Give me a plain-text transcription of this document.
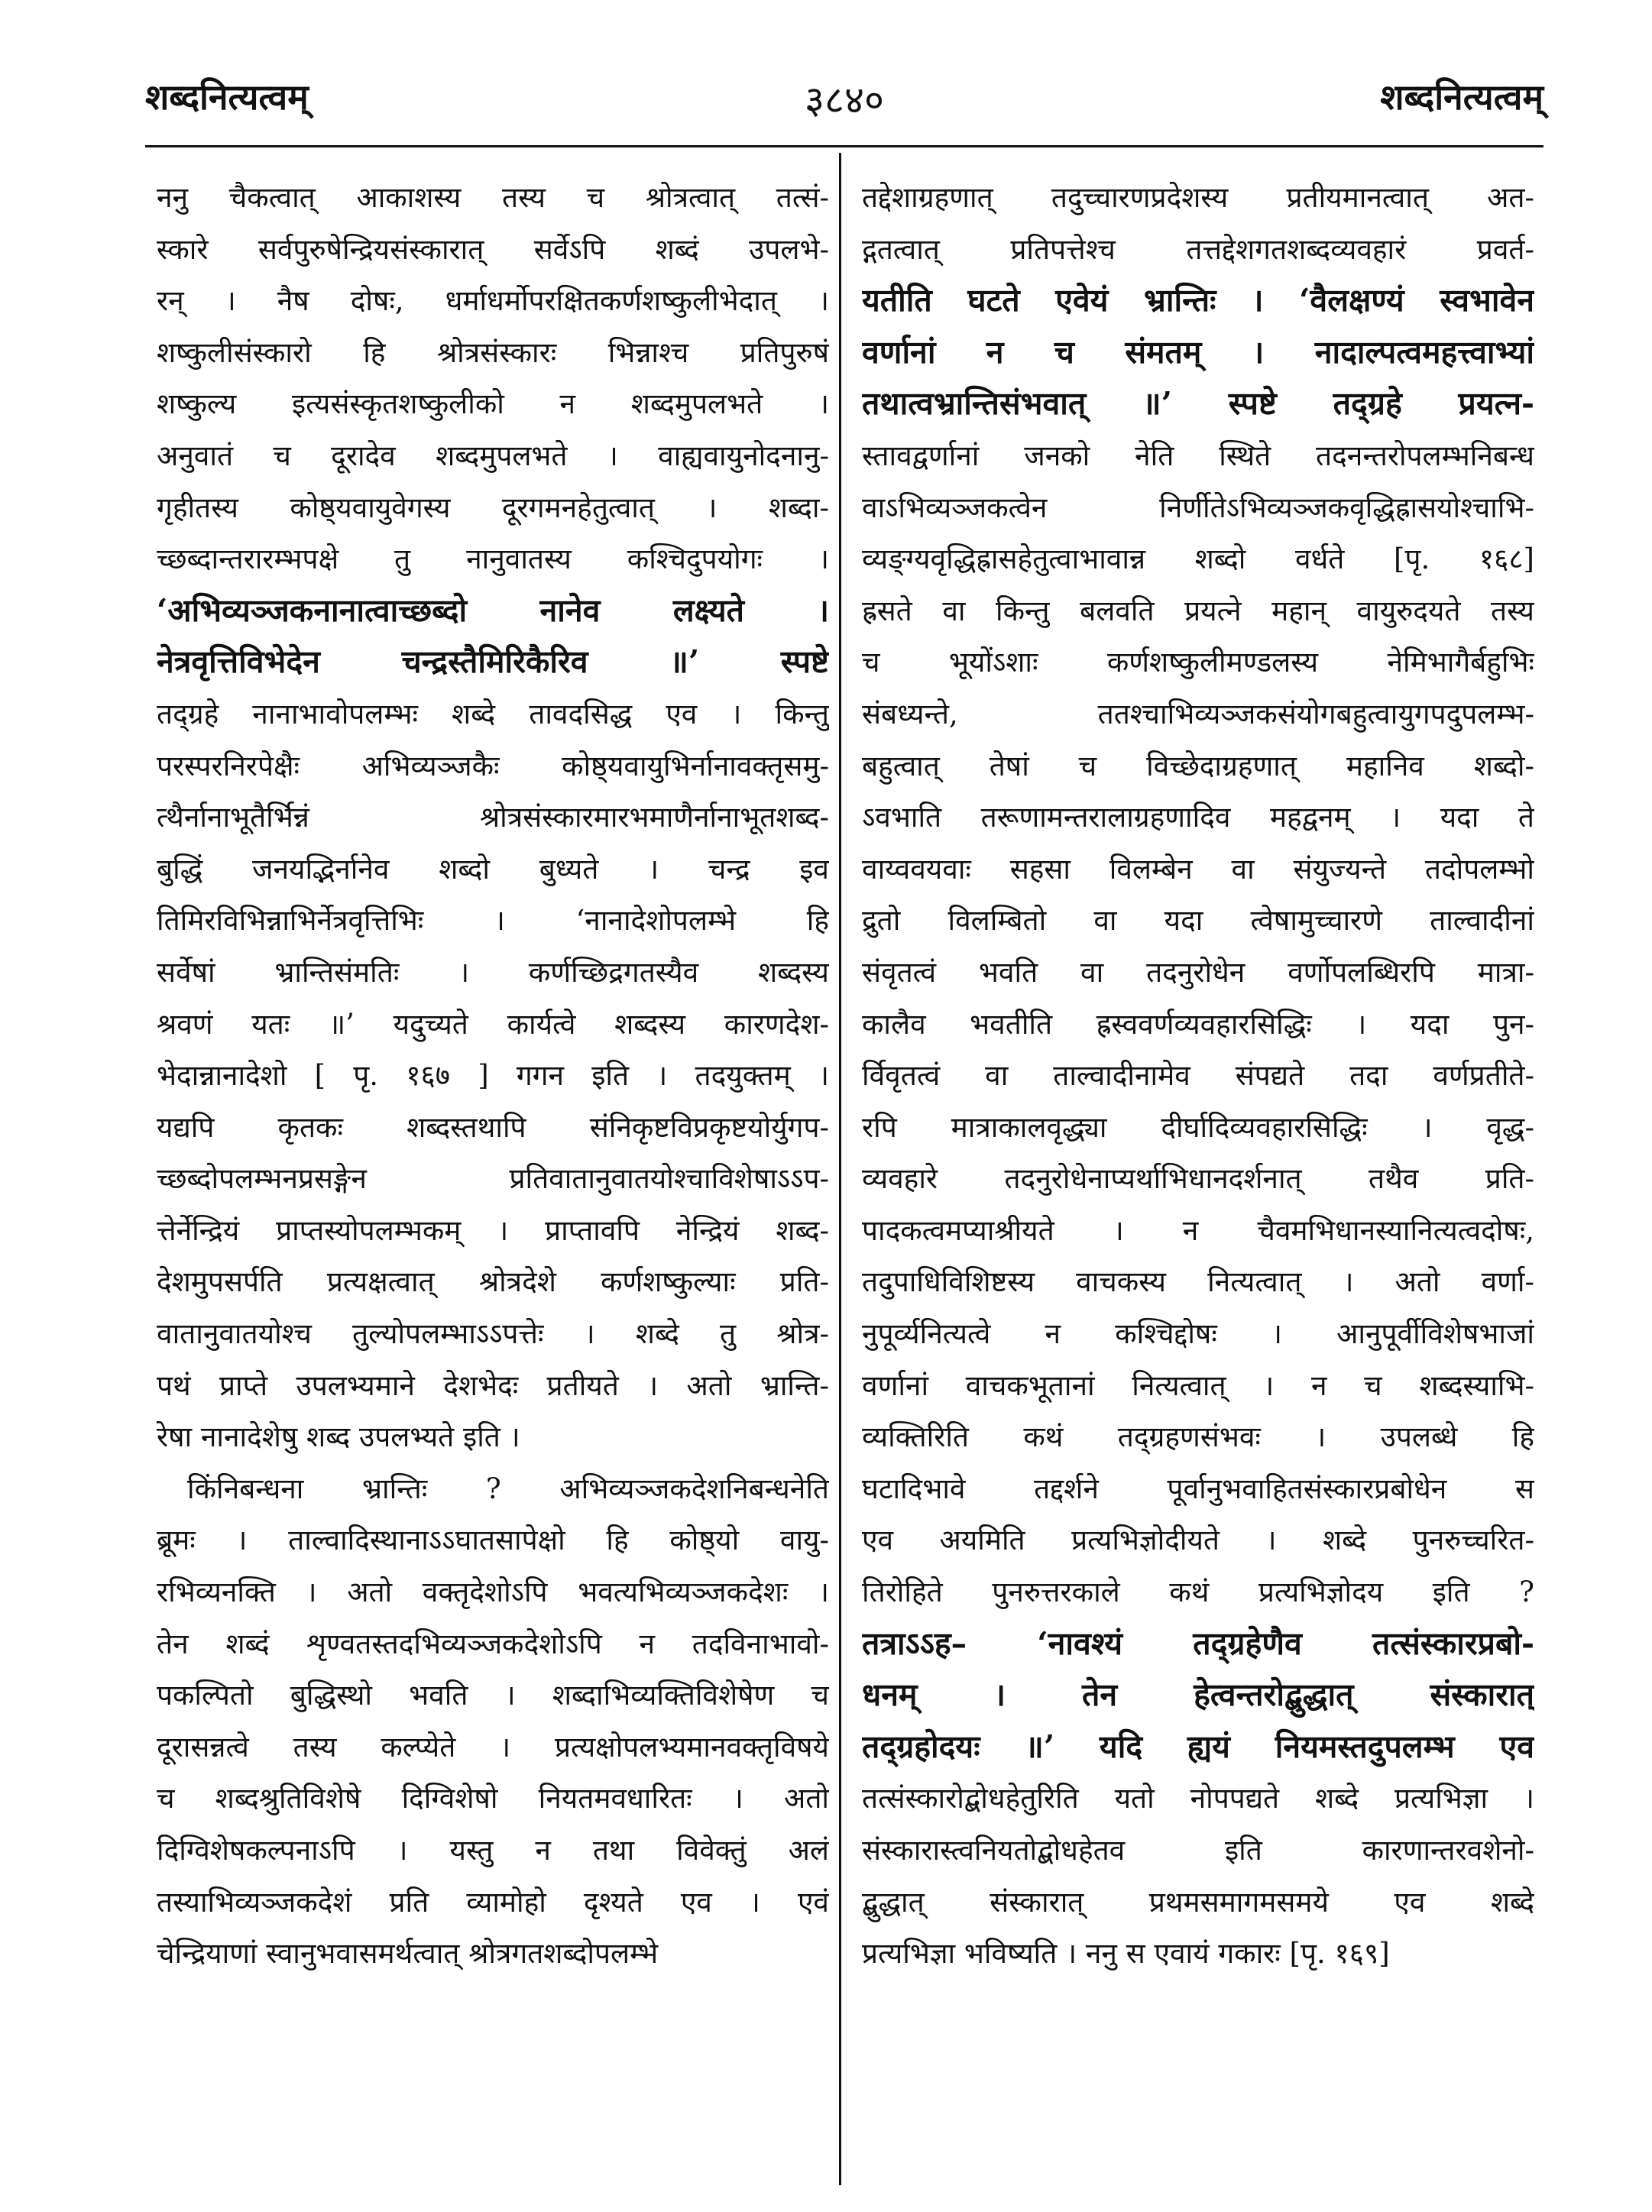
३८४०
शब्दनित्यत्वम्	शब्दनित्यत्वम्
ननु चैकत्वात् आकाशस्य तस्य च श्रोत्रत्वात् तत्सं-
स्कारे सर्वपुरुषेन्द्रियसंस्कारात् सर्वेऽपि शब्दं उपलभे-
रन् । नैष दोषः, धर्माधर्मोपरक्षितकर्णशष्कुलीभेदात् ।
शष्कुलीसंस्कारो हि श्रोत्रसंस्कारः भिन्नाश्च प्रतिपुरुषं
शष्कुल्य इत्यसंस्कृतशष्कुलीको न शब्दमुपलभते ।
अनुवातं च दूरादेव शब्दमुपलभते । वाह्यवायुनोदनानु-
गृहीतस्य कोष्ठ्यवायुवेगस्य दूरगमनहेतुत्वात् । शब्दा-
च्छब्दान्तरारम्भपक्षे तु नानुवातस्य कश्चिदुपयोगः ।
‘अभिव्यञ्जकनानात्वाच्छब्दो नानेव लक्ष्यते ।
नेत्रवृत्तिविभेदेन चन्द्रस्तैमिरिकैरिव ॥’ स्पष्टे
तद्ग्रहे नानाभावोपलम्भः शब्दे तावदसिद्ध एव । किन्तु
परस्परनिरपेक्षैः अभिव्यञ्जकैः कोष्ठ्यवायुभिर्नानावक्तृसमु-
त्थैर्नानाभूतैर्भिन्नं श्रोत्रसंस्कारमारभमाणैर्नानाभूतशब्द-
बुद्धिं जनयद्भिर्नानेव शब्दो बुध्यते । चन्द्र इव
तिमिरविभिन्नाभिर्नेत्रवृत्तिभिः । ‘नानादेशोपलम्भे हि
सर्वेषां भ्रान्तिसंमतिः । कर्णच्छिद्रगतस्यैव शब्दस्य
श्रवणं यतः ॥’ यदुच्यते कार्यत्वे शब्दस्य कारणदेश-
भेदान्नानादेशो [ पृ. १६७ ] गगन इति । तदयुक्तम् ।
यद्यपि कृतकः शब्दस्तथापि संनिकृष्टविप्रकृष्टयोर्युगप-
च्छब्दोपलम्भनप्रसङ्गेन प्रतिवातानुवातयोश्चाविशेषाऽऽप-
त्तेर्नेन्द्रियं प्राप्तस्योपलम्भकम् । प्राप्तावपि नेन्द्रियं शब्द-
देशमुपसर्पति प्रत्यक्षत्वात् श्रोत्रदेशे कर्णशष्कुल्याः प्रति-
वातानुवातयोश्च तुल्योपलम्भाऽऽपत्तेः । शब्दे तु श्रोत्र-
पथं प्राप्ते उपलभ्यमाने देशभेदः प्रतीयते । अतो भ्रान्ति-
रेषा नानादेशेषु शब्द उपलभ्यते इति ।
किंनिबन्धना भ्रान्तिः ? अभिव्यञ्जकदेशनिबन्धनेति
ब्रूमः । ताल्वादिस्थानाऽऽघातसापेक्षो हि कोष्ठ्यो वायु-
रभिव्यनक्ति । अतो वक्तृदेशोऽपि भवत्यभिव्यञ्जकदेशः ।
तेन शब्दं शृण्वतस्तदभिव्यञ्जकदेशोऽपि न तदविनाभावो-
पकल्पितो बुद्धिस्थो भवति । शब्दाभिव्यक्तिविशेषेण च
दूरासन्नत्वे तस्य कल्प्येते । प्रत्यक्षोपलभ्यमानवक्तृविषये
च शब्दश्रुतिविशेषे दिग्विशेषो नियतमवधारितः । अतो
दिग्विशेषकल्पनाऽपि । यस्तु न तथा विवेक्तुं अलं
तस्याभिव्यञ्जकदेशं प्रति व्यामोहो दृश्यते एव । एवं
चेन्द्रियाणां स्वानुभवासमर्थत्वात् श्रोत्रगतशब्दोपलम्भे
तद्देशाग्रहणात् तदुच्चारणप्रदेशस्य प्रतीयमानत्वात् अत-
द्गतत्वात् प्रतिपत्तेश्च तत्तद्देशगतशब्दव्यवहारं प्रवर्त-
यतीति घटते एवेयं भ्रान्तिः । ‘वैलक्षण्यं स्वभावेन
वर्णानां न च संमतम् । नादाल्पत्वमहत्त्वाभ्यां
तथात्वभ्रान्तिसंभवात् ॥’ स्पष्टे तद्ग्रहे प्रयत्न-
स्तावद्वर्णानां जनको नेति स्थिते तदनन्तरोपलम्भनिबन्ध
वाऽभिव्यञ्जकत्वेन निर्णीतेऽभिव्यञ्जकवृद्धिह्रासयोश्चाभि-
व्यङ्ग्यवृद्धिह्रासहेतुत्वाभावान्न शब्दो वर्धते [पृ. १६८]
ह्रसते वा किन्तु बलवति प्रयत्ने महान् वायुरुदयते तस्य
च भूयोंऽशाः कर्णशष्कुलीमण्डलस्य नेमिभागैर्बहुभिः
संबध्यन्ते, ततश्चाभिव्यञ्जकसंयोगबहुत्वायुगपदुपलम्भ-
बहुत्वात् तेषां च विच्छेदाग्रहणात् महानिव शब्दो-
ऽवभाति तरूणामन्तरालाग्रहणादिव महद्वनम् । यदा ते
वाय्ववयवाः सहसा विलम्बेन वा संयुज्यन्ते तदोपलम्भो
द्रुतो विलम्बितो वा यदा त्वेषामुच्चारणे ताल्वादीनां
संवृतत्वं भवति वा तदनुरोधेन वर्णोपलब्धिरपि मात्रा-
कालैव भवतीति ह्रस्ववर्णव्यवहारसिद्धिः । यदा पुन-
र्विवृतत्वं वा ताल्वादीनामेव संपद्यते तदा वर्णप्रतीते-
रपि मात्राकालवृद्ध्या दीर्घादिव्यवहारसिद्धिः । वृद्ध-
व्यवहारे तदनुरोधेनाप्यर्थाभिधानदर्शनात् तथैव प्रति-
पादकत्वमप्याश्रीयते । न चैवमभिधानस्यानित्यत्वदोषः,
तदुपाधिविशिष्टस्य वाचकस्य नित्यत्वात् । अतो वर्णा-
नुपूर्व्यनित्यत्वे न कश्चिद्दोषः । आनुपूर्वीविशेषभाजां
वर्णानां वाचकभूतानां नित्यत्वात् । न च शब्दस्याभि-
व्यक्तिरिति कथं तद्ग्रहणसंभवः । उपलब्धे हि
घटादिभावे तद्दर्शने पूर्वानुभवाहितसंस्कारप्रबोधेन स
एव अयमिति प्रत्यभिज्ञोदीयते । शब्दे पुनरुच्चरित-
तिरोहिते पुनरुत्तरकाले कथं प्रत्यभिज्ञोदय इति ?
तत्राऽऽह– ‘नावश्यं तद्ग्रहेणैव तत्संस्कारप्रबो-
धनम् । तेन हेत्वन्तरोद्बुद्धात् संस्कारात्
तद्ग्रहोदयः ॥’ यदि ह्ययं नियमस्तदुपलम्भ एव
तत्संस्कारोद्बोधहेतुरिति यतो नोपपद्यते शब्दे प्रत्यभिज्ञा ।
संस्कारास्त्वनियतोद्बोधहेतव इति कारणान्तरवशेनो-
द्बुद्धात् संस्कारात् प्रथमसमागमसमये एव शब्दे
प्रत्यभिज्ञा भविष्यति । ननु स एवायं गकारः [पृ. १६९]
